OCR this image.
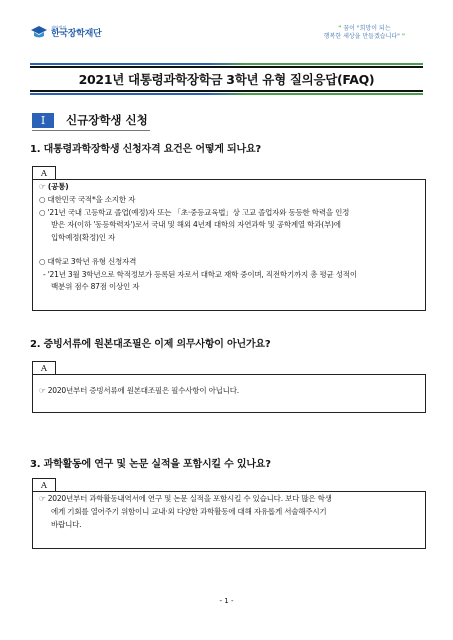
재단법인
한국장학재단	" 꿈이 "희망이 되는
행복한 세상을 만들겠습니다" "
2021년 대통령과학장학금 3학년 유형 질의응답(FAQ)
I	신규장학생 신청
1. 대통령과학장학생 신청자격 요건은 어떻게 되나요?
A
☞ (공통)
○ 대한민국 국적*을 소지한 자
○ '21년 국내 고등학교 졸업(예정)자 또는 「초·중등교육법」상 고교 졸업자와 동등한 학력을 인정
받은 자(이하 '동등학력자')로서 국내 및 해외 4년제 대학의 자연과학 및 공학계열 학과(부)에
입학예정(확정)인 자
○ 대학교 3학년 유형 신청자격
- '21년 3월 3학년으로 학적정보가 등록된 자로서 대학교 재학 중이며, 직전학기까지 총 평균 성적이
백분위 점수 87점 이상인 자
2. 증빙서류에 원본대조필은 이제 의무사항이 아닌가요?
A
☞ 2020년부터 증빙서류에 원본대조필은 필수사항이 아닙니다.
3. 과학활동에 연구 및 논문 실적을 포함시킬 수 있나요?
A
☞ 2020년부터 과학활동내역서에 연구 및 논문 실적을 포함시킬 수 있습니다. 보다 많은 학생
에게 기회를 열어주기 위함이니 교내·외 다양한 과학활동에 대해 자유롭게 서술해주시기
바랍니다.
- 1 -
